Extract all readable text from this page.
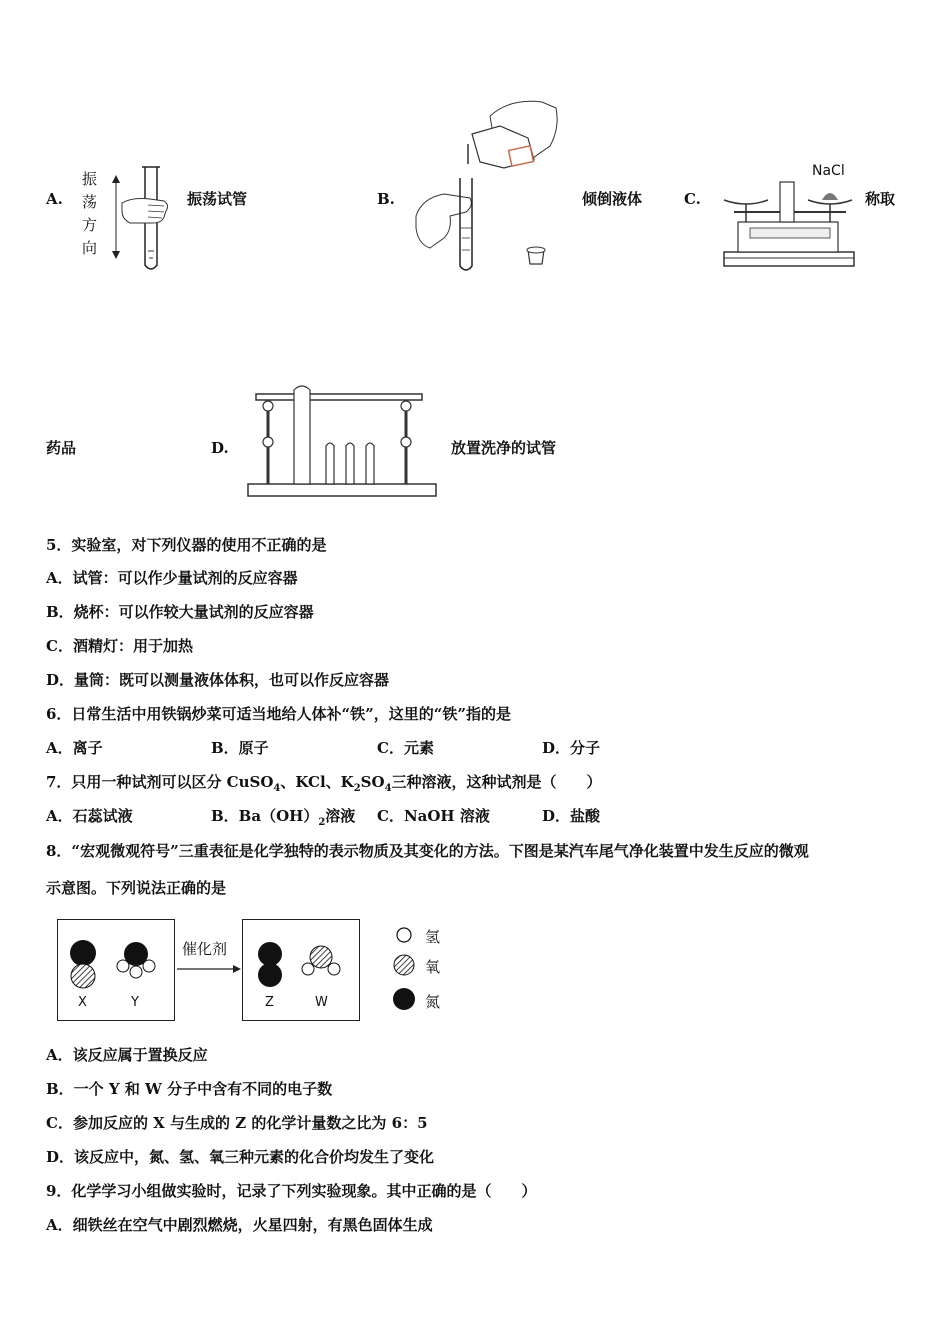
A.
振
荡
方
向
振荡试管	B.	倾倒液体	C.
NaCl
称取
药品	D.	放置洗净的试管
5．实验室，对下列仪器的使用不正确的是
A．试管：可以作少量试剂的反应容器
B．烧杯：可以作较大量试剂的反应容器
C．酒精灯：用于加热
D．量筒：既可以测量液体体积，也可以作反应容器
6．日常生活中用铁锅炒菜可适当地给人体补“铁”，这里的“铁”指的是
A．离子	B．原子	C．元素	D．分子
7．只用一种试剂可以区分 CuSO$_4$、KCl、$K_2SO_4$三种溶液，这种试剂是（　　）
A．石蕊试液	B．$Ba(OH)_2$溶液 C．NaOH 溶液	D．盐酸
8．“宏观微观符号”三重表征是化学独特的表示物质及其变化的方法。下图是某汽车尾气净化装置中发生反应的微观
示意图。下列说法正确的是
催化剂
X	Y	Z	W
氢
氧
氮
A．该反应属于置换反应
B．一个 Y 和 W 分子中含有不同的电子数
C．参加反应的 X 与生成的 Z 的化学计量数之比为 6：5
D．该反应中，氮、氢、氧三种元素的化合价均发生了变化
9．化学学习小组做实验时，记录了下列实验现象。其中正确的是（　　）
A．细铁丝在空气中剧烈燃烧，火星四射，有黑色固体生成
